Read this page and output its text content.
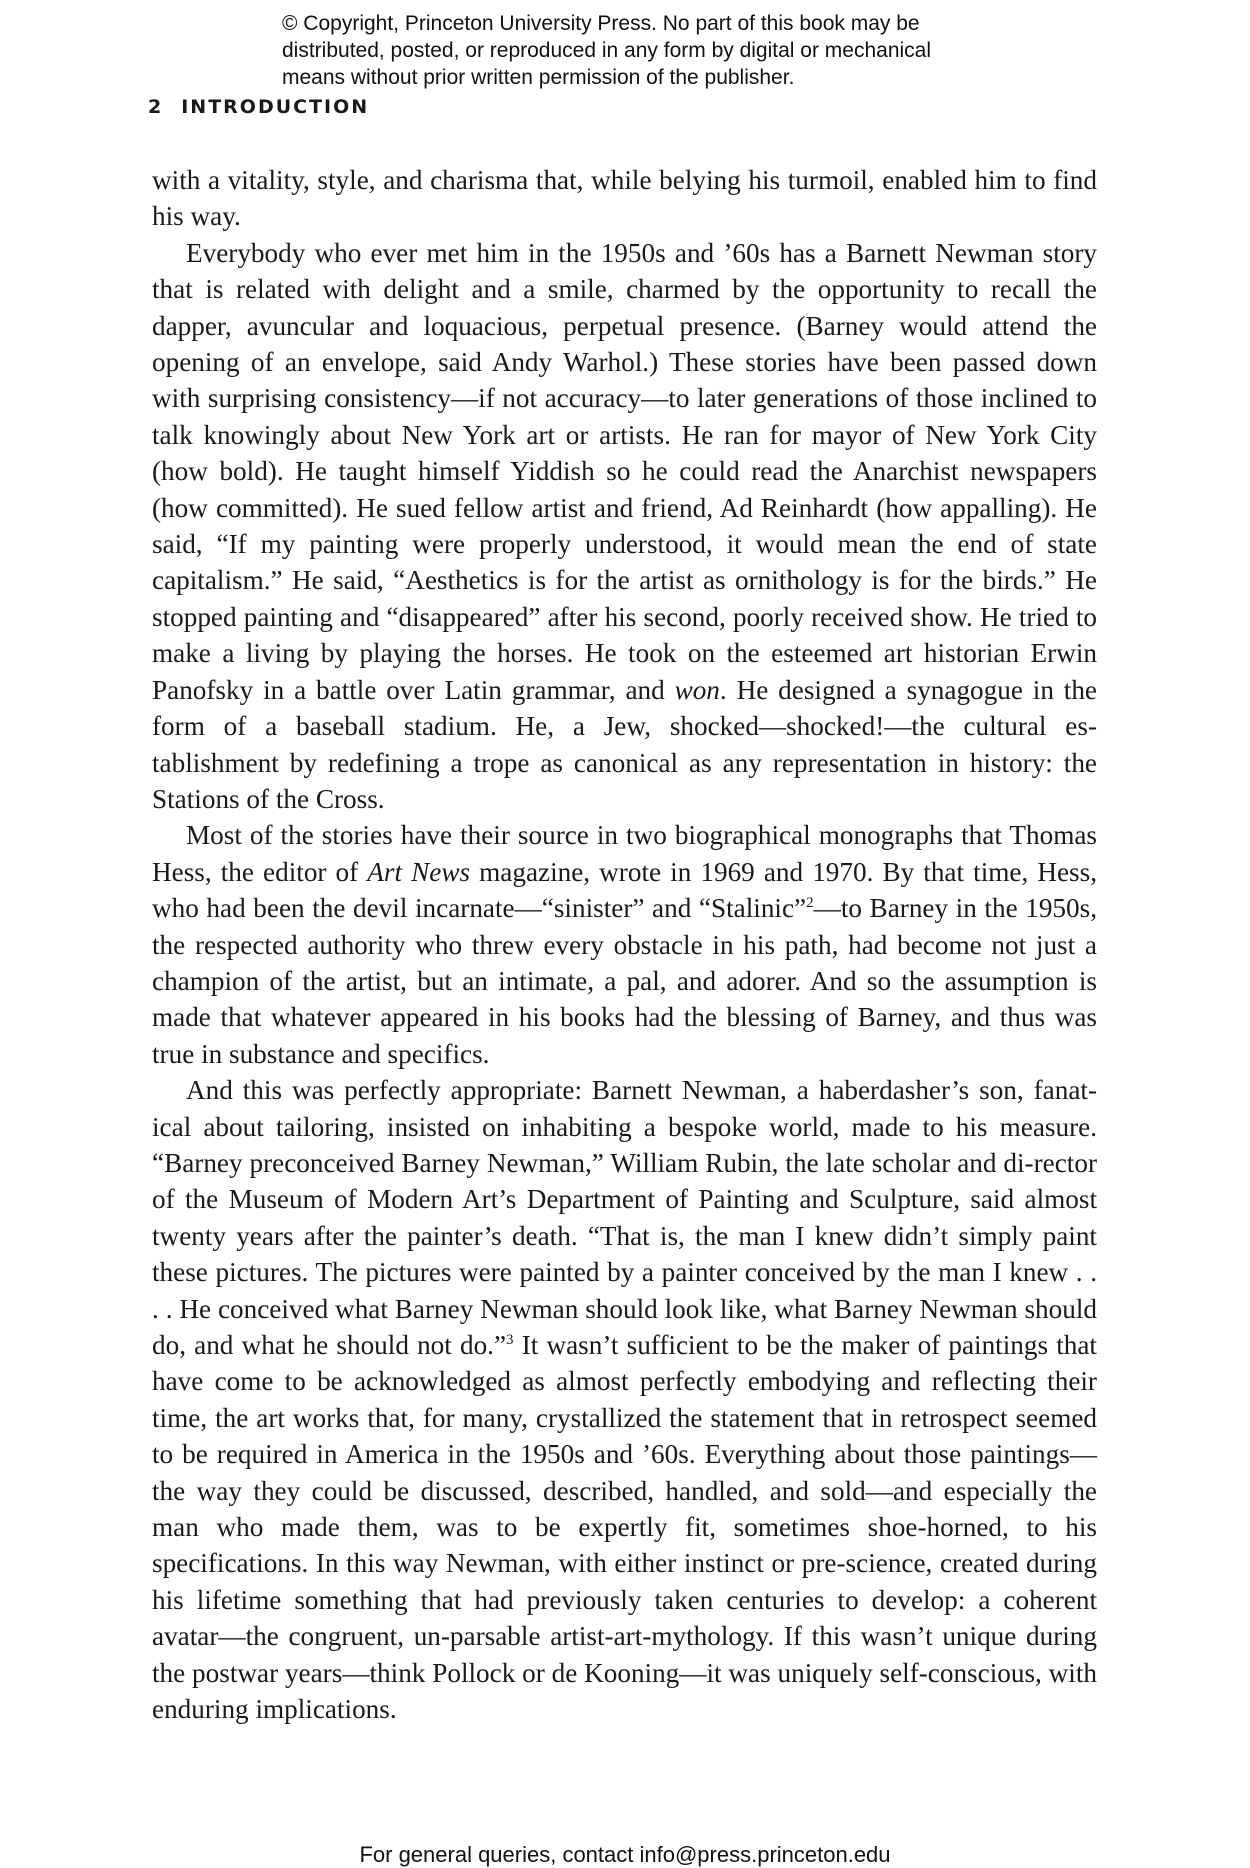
© Copyright, Princeton University Press. No part of this book may be
distributed, posted, or reproduced in any form by digital or mechanical
means without prior written permission of the publisher.
2 INTRODUCTION

with a vitality, style, and charisma that, while belying his turmoil, enabled him to find his way.

Everybody who ever met him in the 1950s and ’60s has a Barnett Newman story that is related with delight and a smile, charmed by the opportunity to recall the dapper, avuncular and loquacious, perpetual presence. (Barney would attend the opening of an envelope, said Andy Warhol.) These stories have been passed down with surprising consistency—if not accuracy—to later generations of those inclined to talk knowingly about New York art or artists. He ran for mayor of New York City (how bold). He taught himself Yiddish so he could read the Anarchist newspapers (how committed). He sued fellow artist and friend, Ad Reinhardt (how appalling). He said, “If my painting were properly understood, it would mean the end of state capitalism.” He said, “Aesthetics is for the artist as ornithology is for the birds.” He stopped painting and “disappeared” after his second, poorly received show. He tried to make a living by playing the horses. He took on the esteemed art historian Erwin Panofsky in a battle over Latin grammar, and won. He designed a synagogue in the form of a baseball stadium. He, a Jew, shocked—shocked!—the cultural es-tablishment by redefining a trope as canonical as any representation in history: the Stations of the Cross.

Most of the stories have their source in two biographical monographs that Thomas Hess, the editor of Art News magazine, wrote in 1969 and 1970. By that time, Hess, who had been the devil incarnate—“sinister” and “Stalinic”$^2$—to Barney in the 1950s, the respected authority who threw every obstacle in his path, had become not just a champion of the artist, but an intimate, a pal, and adorer. And so the assumption is made that whatever appeared in his books had the blessing of Barney, and thus was true in substance and specifics.

And this was perfectly appropriate: Barnett Newman, a haberdasher’s son, fanat-ical about tailoring, insisted on inhabiting a bespoke world, made to his measure. “Barney preconceived Barney Newman,” William Rubin, the late scholar and di-rector of the Museum of Modern Art’s Department of Painting and Sculpture, said almost twenty years after the painter’s death. “That is, the man I knew didn’t simply paint these pictures. The pictures were painted by a painter conceived by the man I knew . . . . He conceived what Barney Newman should look like, what Barney Newman should do, and what he should not do.”$^3$ It wasn’t sufficient to be the maker of paintings that have come to be acknowledged as almost perfectly embodying and reflecting their time, the art works that, for many, crystallized the statement that in retrospect seemed to be required in America in the 1950s and ’60s. Everything about those paintings—the way they could be discussed, described, handled, and sold—and especially the man who made them, was to be expertly fit, sometimes shoe-horned, to his specifications. In this way Newman, with either instinct or pre-science, created during his lifetime something that had previously taken centuries to develop: a coherent avatar—the congruent, un-parsable artist-art-mythology. If this wasn’t unique during the postwar years—think Pollock or de Kooning—it was uniquely self-conscious, with enduring implications.

For general queries, contact info@press.princeton.edu
